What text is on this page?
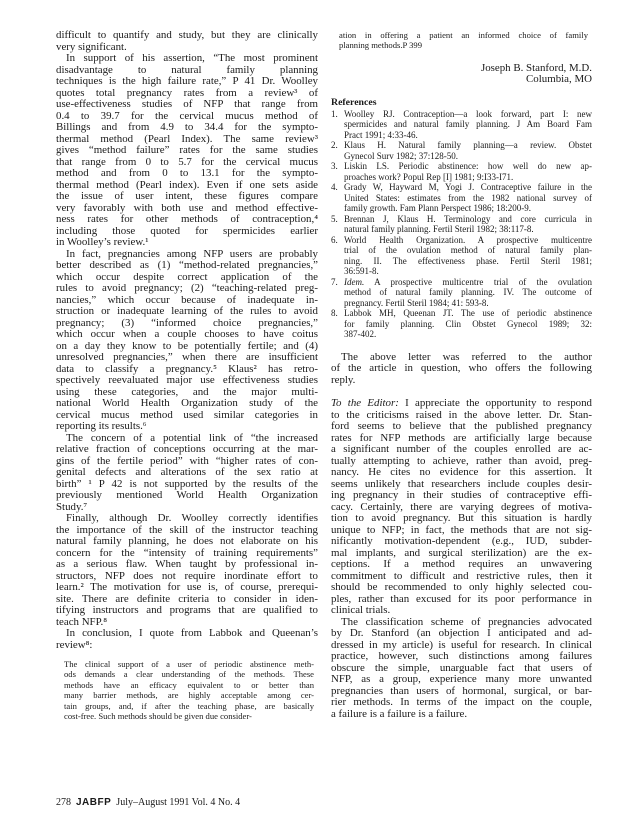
difficult to quantify and study, but they are clinically
very significant.
In support of his assertion, “The most prominent
disadvantage to natural family planning
techniques is the high failure rate,” P 41 Dr. Woolley
quotes total pregnancy rates from a review³ of
use-effectiveness studies of NFP that range from
0.4 to 39.7 for the cervical mucus method of
Billings and from 4.9 to 34.4 for the sympto-
thermal method (Pearl Index). The same review³
gives “method failure” rates for the same studies
that range from 0 to 5.7 for the cervical mucus
method and from 0 to 13.1 for the sympto-
thermal method (Pearl index). Even if one sets aside
the issue of user intent, these figures compare
very favorably with both use and method effective-
ness rates for other methods of contraception,⁴
including those quoted for spermicides earlier
in Woolley’s review.¹
In fact, pregnancies among NFP users are probably
better described as (1) “method-related pregnancies,”
which occur despite correct application of the
rules to avoid pregnancy; (2) “teaching-related preg-
nancies,” which occur because of inadequate in-
struction or inadequate learning of the rules to avoid
pregnancy; (3) “informed choice pregnancies,”
which occur when a couple chooses to have coitus
on a day they know to be potentially fertile; and (4)
unresolved pregnancies,” when there are insufficient
data to classify a pregnancy.⁵ Klaus² has retro-
spectively reevaluated major use effectiveness studies
using these categories, and the major multi-
national World Health Organization study of the
cervical mucus method used similar categories in
reporting its results.⁶
The concern of a potential link of “the increased
relative fraction of conceptions occurring at the mar-
gins of the fertile period” with “higher rates of con-
genital defects and alterations of the sex ratio at
birth” ¹ P 42 is not supported by the results of the
previously mentioned World Health Organization
Study.⁷
Finally, although Dr. Woolley correctly identifies
the importance of the skill of the instructor teaching
natural family planning, he does not elaborate on his
concern for the “intensity of training requirements”
as a serious flaw. When taught by professional in-
structors, NFP does not require inordinate effort to
learn.² The motivation for use is, of course, prerequi-
site. There are definite criteria to consider in iden-
tifying instructors and programs that are qualified to
teach NFP.⁸
In conclusion, I quote from Labbok and Queenan’s
review⁸:
The clinical support of a user of periodic abstinence meth-
ods demands a clear understanding of the methods. These
methods have an efficacy equivalent to or better than
many barrier methods, are highly acceptable among cer-
tain groups, and, if after the teaching phase, are basically
cost-free. Such methods should be given due consider-
ation in offering a patient an informed choice of family
planning methods.P 399
Joseph B. Stanford, M.D.
Columbia, MO
References
1. Woolley RJ. Contraception—a look forward, part I: new
spermicides and natural family planning. J Am Board Fam
Pract 1991; 4:33-46.
2. Klaus H. Natural family planning—a review. Obstet
Gynecol Surv 1982; 37:128-50.
3. Liskin LS. Periodic abstinence: how well do new ap-
proaches work? Popul Rep [I] 1981; 9:I33-I71.
4. Grady W, Hayward M, Yogi J. Contraceptive failure in the
United States: estimates from the 1982 national survey of
family growth. Fam Plann Perspect 1986; 18:200-9.
5. Brennan J, Klaus H. Terminology and core curricula in
natural family planning. Fertil Steril 1982; 38:117-8.
6. World Health Organization. A prospective multicentre
trial of the ovulation method of natural family plan-
ning. II. The effectiveness phase. Fertil Steril 1981;
36:591-8.
7. Idem. A prospective multicentre trial of the ovulation
method of natural family planning. IV. The outcome of
pregnancy. Fertil Steril 1984; 41: 593-8.
8. Labbok MH, Queenan JT. The use of periodic abstinence
for family planning. Clin Obstet Gynecol 1989; 32:
387-402.
The above letter was referred to the author
of the article in question, who offers the following
reply.
To the Editor: I appreciate the opportunity to respond
to the criticisms raised in the above letter. Dr. Stan-
ford seems to believe that the published pregnancy
rates for NFP methods are artificially large because
a significant number of the couples enrolled are ac-
tually attempting to achieve, rather than avoid, preg-
nancy. He cites no evidence for this assertion. It
seems unlikely that researchers include couples desir-
ing pregnancy in their studies of contraceptive effi-
cacy. Certainly, there are varying degrees of motiva-
tion to avoid pregnancy. But this situation is hardly
unique to NFP; in fact, the methods that are not sig-
nificantly motivation-dependent (e.g., IUD, subder-
mal implants, and surgical sterilization) are the ex-
ceptions. If a method requires an unwavering
commitment to difficult and restrictive rules, then it
should be recommended to only highly selected cou-
ples, rather than excused for its poor performance in
clinical trials.
The classification scheme of pregnancies advocated
by Dr. Stanford (an objection I anticipated and ad-
dressed in my article) is useful for research. In clinical
practice, however, such distinctions among failures
obscure the simple, unarguable fact that users of
NFP, as a group, experience many more unwanted
pregnancies than users of hormonal, surgical, or bar-
rier methods. In terms of the impact on the couple,
a failure is a failure is a failure.
278 JABFP July–August 1991 Vol. 4 No. 4
